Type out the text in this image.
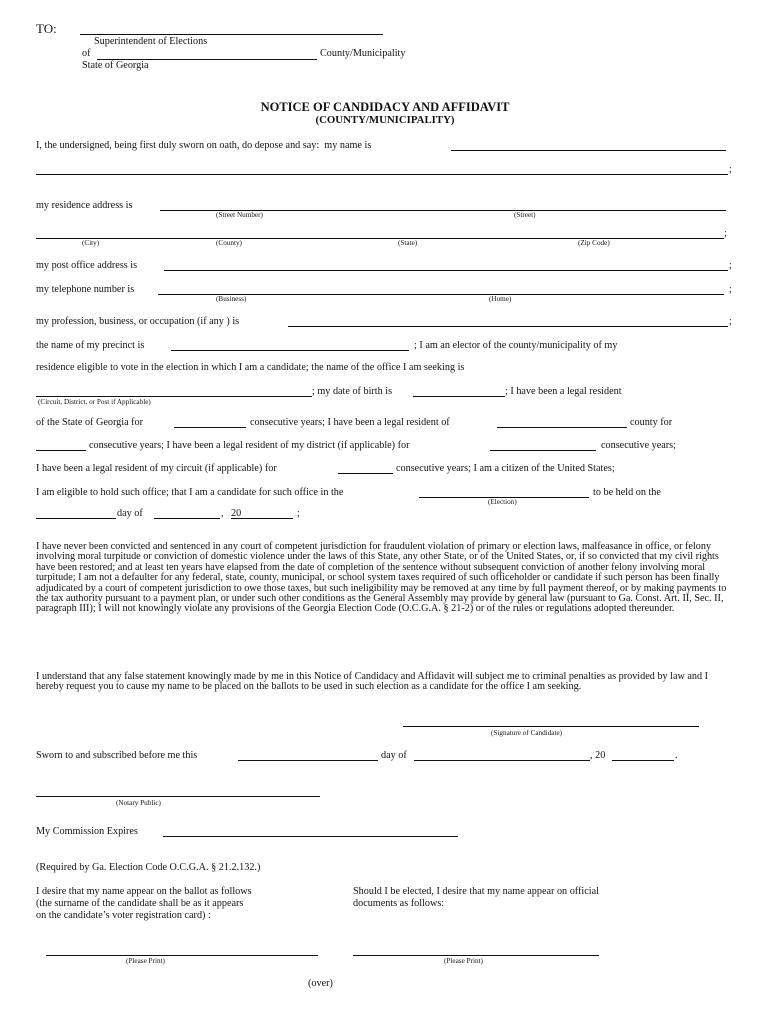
TO:
Superintendent of Elections
of	County/Municipality
State of Georgia
NOTICE OF CANDIDACY AND AFFIDAVIT
(COUNTY/MUNICIPALITY)
I, the undersigned, being first duly sworn on oath, do depose and say:  my name is
;
my residence address is
(Street Number)	(Street)
;
(City)	(County)	(State)	(Zip Code)
my post office address is	;
my telephone number is	;
(Business)	(Home)
my profession, business, or occupation (if any ) is	;
the name of my precinct is	; I am an elector of the county/municipality of my
residence eligible to vote in the election in which I am a candidate; the name of the office I am seeking is
; my date of birth is	; I have been a legal resident
(Circuit, District, or Post if Applicable)
of the State of Georgia for	consecutive years; I have been a legal resident of	county for
consecutive years; I have been a legal resident of my district (if applicable) for	consecutive years;
I have been a legal resident of my circuit (if applicable) for	consecutive years; I am a citizen of the United States;
I am eligible to hold such office; that I am a candidate for such office in the	to be held on the
(Election)
day of	, 20	;
I have never been convicted and sentenced in any court of competent jurisdiction for fraudulent violation of primary or election laws, malfeasance in office, or felony involving moral turpitude or conviction of domestic violence under the laws of this State, any other State, or of the United States, or, if so convicted that my civil rights have been restored; and at least ten years have elapsed from the date of completion of the sentence without subsequent conviction of another felony involving moral turpitude; I am not a defaulter for any federal, state, county, municipal, or school system taxes required of such officeholder or candidate if such person has been finally adjudicated by a court of competent jurisdiction to owe those taxes, but such ineligibility may be removed at any time by full payment thereof, or by making payments to the tax authority pursuant to a payment plan, or under such other conditions as the General Assembly may provide by general law (pursuant to Ga. Const. Art. II, Sec. II, paragraph III); I will not knowingly violate any provisions of the Georgia Election Code (O.C.G.A. § 21-2) or of the rules or regulations adopted thereunder.
I understand that any false statement knowingly made by me in this Notice of Candidacy and Affidavit will subject me to criminal penalties as provided by law and I hereby request you to cause my name to be placed on the ballots to be used in such election as a candidate for the office I am seeking.
(Signature of Candidate)
Sworn to and subscribed before me this	day of	, 20	.
(Notary Public)
My Commission Expires
(Required by Ga. Election Code O.C.G.A. § 21.2.132.)
I desire that my name appear on the ballot as follows
(the surname of the candidate shall be as it appears
on the candidate’s voter registration card) :
Should I be elected, I desire that my name appear on official
documents as follows:
(Please Print)	(Please Print)
(over)
